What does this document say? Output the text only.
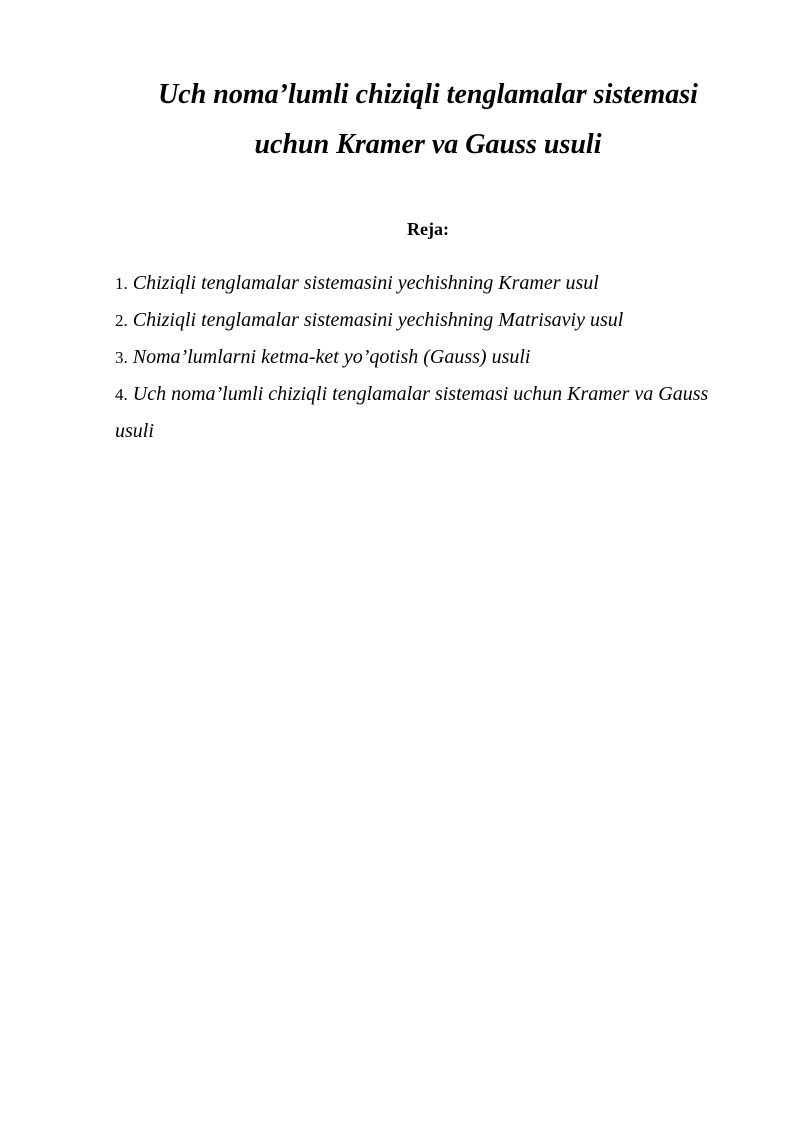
Uch noma’lumli chiziqli tenglamalar sistemasi
uchun Kramer va Gauss usuli

Reja:

1. Chiziqli tenglamalar sistemasini yechishning Kramer usul
2. Chiziqli tenglamalar sistemasini yechishning Matrisaviy usul
3. Noma’lumlarni ketma-ket yo’qotish (Gauss) usuli
4. Uch noma’lumli chiziqli tenglamalar sistemasi uchun Kramer va Gauss usuli
